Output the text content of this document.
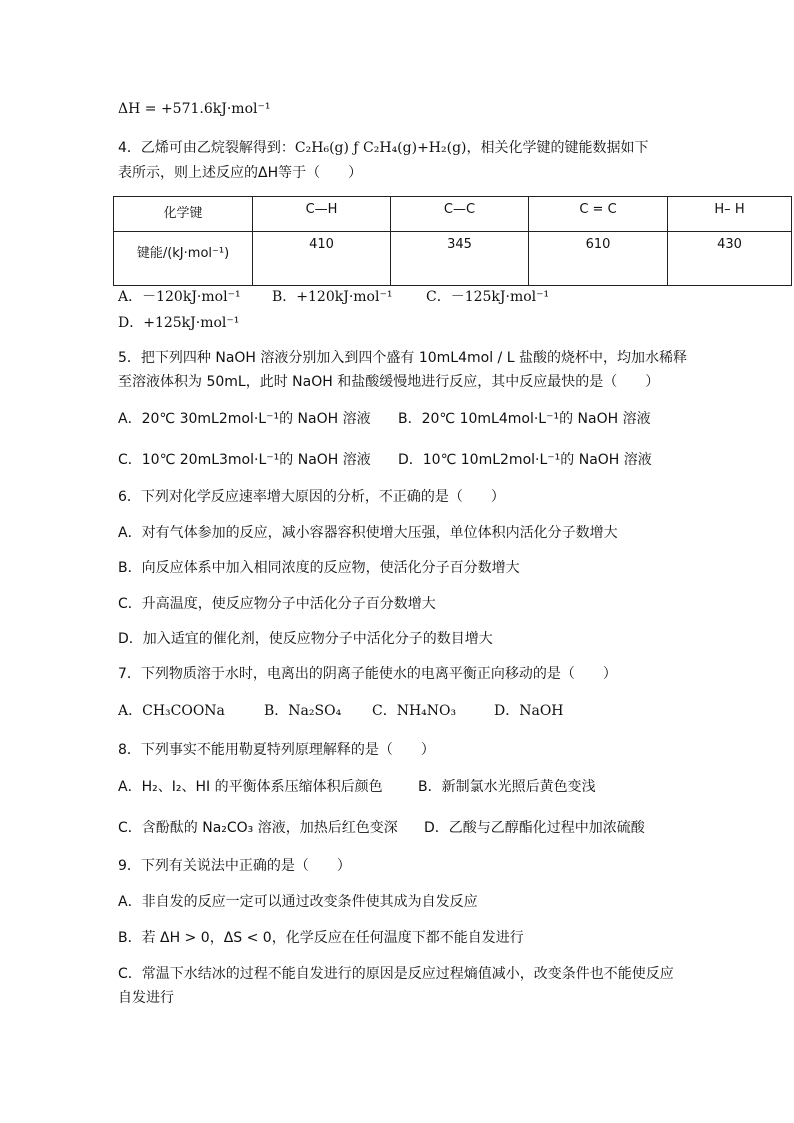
ΔH = +571.6kJ·mol⁻¹
4．乙烯可由乙烷裂解得到：C₂H₆(g) ƒ C₂H₄(g)+H₂(g)，相关化学键的键能数据如下
表所示，则上述反应的ΔH等于（　　）
化学键	C—H	C—C	C = C	H– H
键能/(kJ·mol⁻¹)	410	345	610	430
A．－120kJ·mol⁻¹ B．+120kJ·mol⁻¹ C．－125kJ·mol⁻¹
D．+125kJ·mol⁻¹
5．把下列四种 NaOH 溶液分别加入到四个盛有 10mL4mol / L 盐酸的烧杯中，均加水稀释
至溶液体积为 50mL，此时 NaOH 和盐酸缓慢地进行反应，其中反应最快的是（　　）
A．20℃ 30mL2mol·L⁻¹的 NaOH 溶液 B．20℃ 10mL4mol·L⁻¹的 NaOH 溶液
C．10℃ 20mL3mol·L⁻¹的 NaOH 溶液 D．10℃ 10mL2mol·L⁻¹的 NaOH 溶液
6．下列对化学反应速率增大原因的分析，不正确的是（　　）
A．对有气体参加的反应，减小容器容积使增大压强，单位体积内活化分子数增大
B．向反应体系中加入相同浓度的反应物，使活化分子百分数增大
C．升高温度，使反应物分子中活化分子百分数增大
D．加入适宜的催化剂，使反应物分子中活化分子的数目增大
7．下列物质溶于水时，电离出的阴离子能使水的电离平衡正向移动的是（　　）
A．CH₃COONa	B．Na₂SO₄ C．NH₄NO₃	D．NaOH
8．下列事实不能用勒夏特列原理解释的是（　　）
A．H₂、I₂、HI 的平衡体系压缩体积后颜色	B．新制氯水光照后黄色变浅
C．含酚酞的 Na₂CO₃ 溶液，加热后红色变深 D．乙酸与乙醇酯化过程中加浓硫酸
9．下列有关说法中正确的是（　　）
A．非自发的反应一定可以通过改变条件使其成为自发反应
B．若 ΔH > 0，ΔS < 0，化学反应在任何温度下都不能自发进行
C．常温下水结冰的过程不能自发进行的原因是反应过程熵值减小，改变条件也不能使反应
自发进行
